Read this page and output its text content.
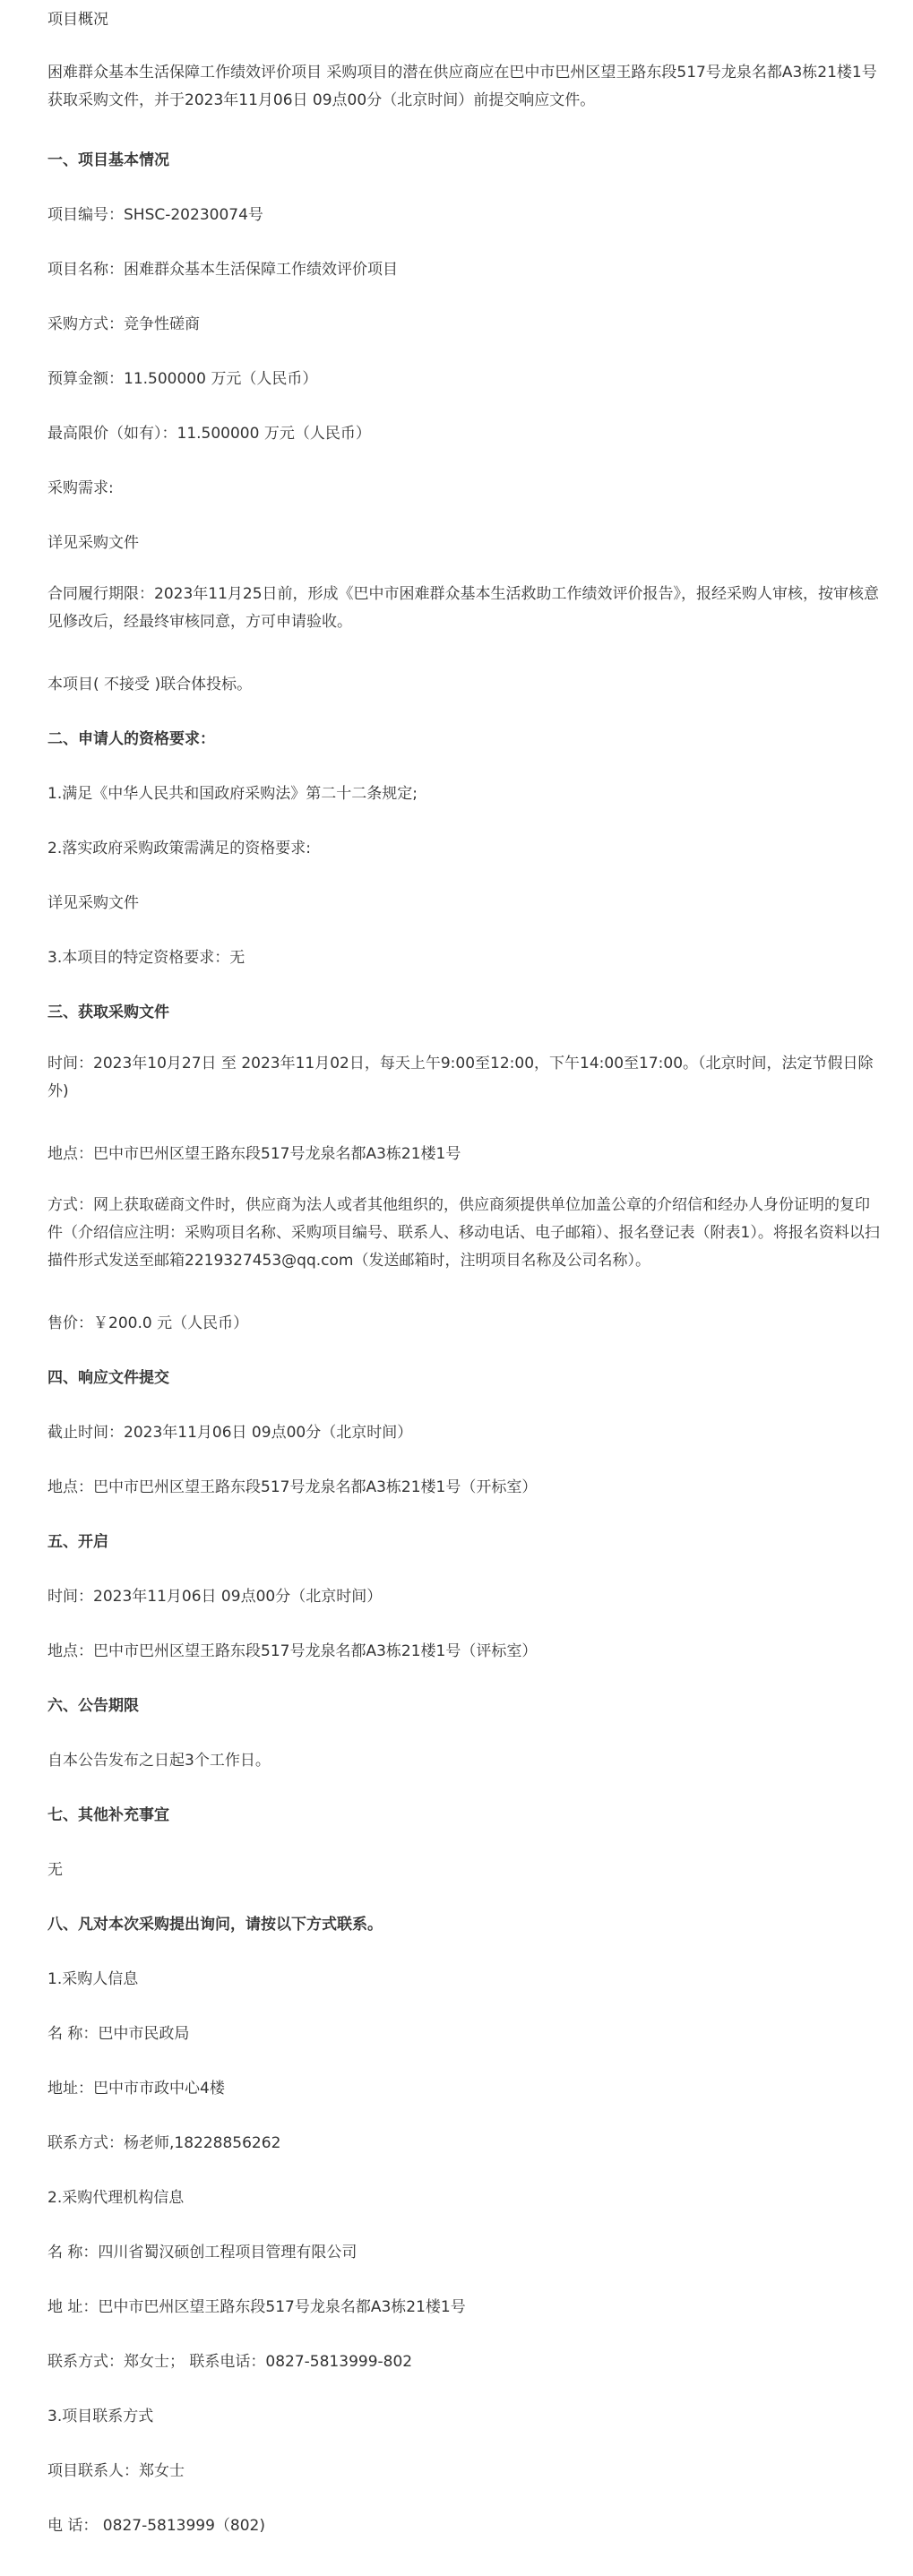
项目概况
困难群众基本生活保障工作绩效评价项目 采购项目的潜在供应商应在巴中市巴州区望王路东段517号龙泉名都A3栋21楼1号获取采购文件，并于2023年11月06日 09点00分（北京时间）前提交响应文件。
一、项目基本情况
项目编号：SHSC-20230074号
项目名称：困难群众基本生活保障工作绩效评价项目
采购方式：竞争性磋商
预算金额：11.500000 万元（人民币）
最高限价（如有）：11.500000 万元（人民币）
采购需求:
详见采购文件
合同履行期限：2023年11月25日前，形成《巴中市困难群众基本生活救助工作绩效评价报告》，报经采购人审核，按审核意见修改后，经最终审核同意，方可申请验收。
本项目( 不接受 )联合体投标。
二、申请人的资格要求：
1.满足《中华人民共和国政府采购法》第二十二条规定;
2.落实政府采购政策需满足的资格要求:
详见采购文件
3.本项目的特定资格要求：无
三、获取采购文件
时间：2023年10月27日 至 2023年11月02日，每天上午9:00至12:00，下午14:00至17:00。（北京时间，法定节假日除外)
地点：巴中市巴州区望王路东段517号龙泉名都A3栋21楼1号
方式：网上获取磋商文件时，供应商为法人或者其他组织的，供应商须提供单位加盖公章的介绍信和经办人身份证明的复印件（介绍信应注明：采购项目名称、采购项目编号、联系人、移动电话、电子邮箱）、报名登记表（附表1）。将报名资料以扫描件形式发送至邮箱2219327453@qq.com（发送邮箱时，注明项目名称及公司名称）。
售价：￥200.0 元（人民币）
四、响应文件提交
截止时间：2023年11月06日 09点00分（北京时间）
地点：巴中市巴州区望王路东段517号龙泉名都A3栋21楼1号（开标室）
五、开启
时间：2023年11月06日 09点00分（北京时间）
地点：巴中市巴州区望王路东段517号龙泉名都A3栋21楼1号（评标室）
六、公告期限
自本公告发布之日起3个工作日。
七、其他补充事宜
无
八、凡对本次采购提出询问，请按以下方式联系。
1.采购人信息
名 称：巴中市民政局
地址：巴中市市政中心4楼
联系方式：杨老师,18228856262
2.采购代理机构信息
名 称：四川省蜀汉硕创工程项目管理有限公司
地 址：巴中市巴州区望王路东段517号龙泉名都A3栋21楼1号
联系方式：郑女士； 联系电话：0827-5813999-802
3.项目联系方式
项目联系人：郑女士
电 话： 0827-5813999（802)
